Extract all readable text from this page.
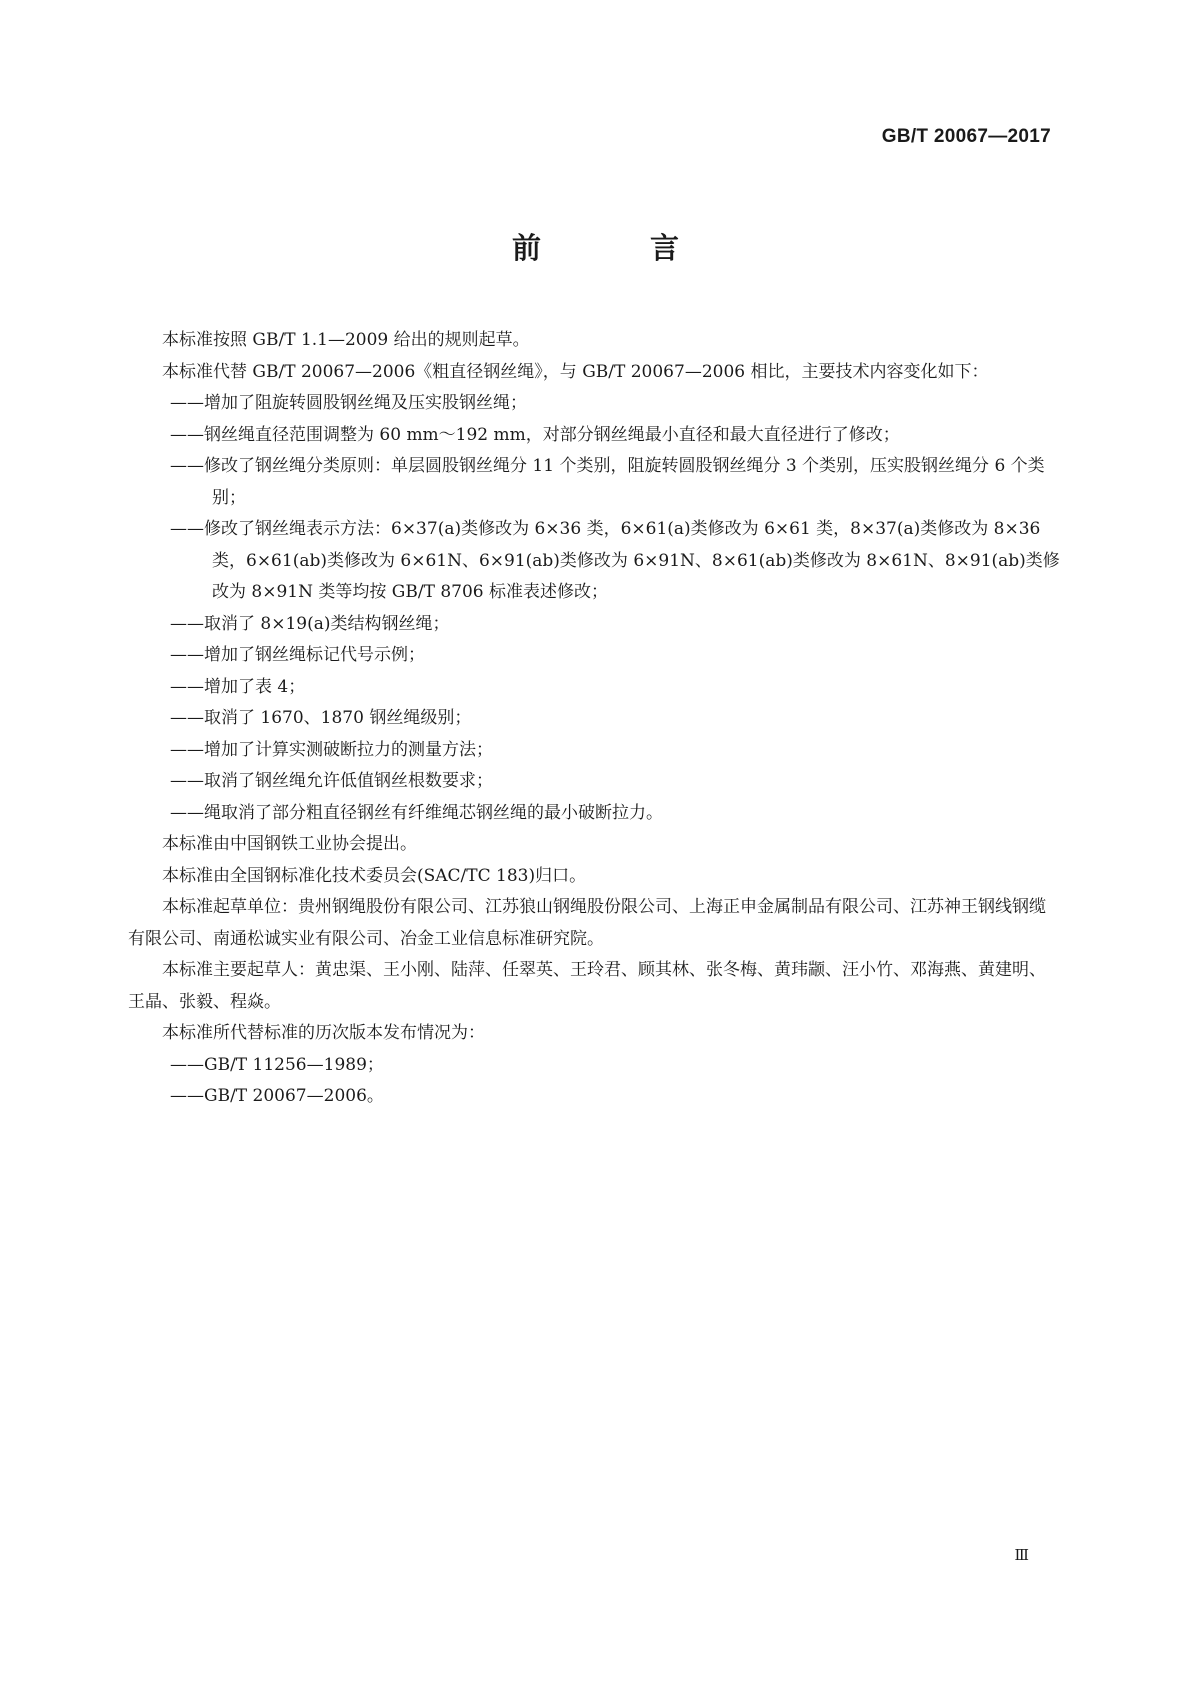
GB/T 20067—2017
前　言

本标准按照 GB/T 1.1—2009 给出的规则起草。

本标准代替 GB/T 20067—2006《粗直径钢丝绳》，与 GB/T 20067—2006 相比，主要技术内容变化如下：

——增加了阻旋转圆股钢丝绳及压实股钢丝绳；

——钢丝绳直径范围调整为 60 mm～192 mm，对部分钢丝绳最小直径和最大直径进行了修改；

——修改了钢丝绳分类原则：单层圆股钢丝绳分 11 个类别，阻旋转圆股钢丝绳分 3 个类别，压实股钢丝绳分 6 个类别；

——修改了钢丝绳表示方法：6×37(a)类修改为 6×36 类，6×61(a)类修改为 6×61 类，8×37(a)类修改为 8×36 类，6×61(ab)类修改为 6×61N、6×91(ab)类修改为 6×91N、8×61(ab)类修改为 8×61N、8×91(ab)类修改为 8×91N 类等均按 GB/T 8706 标准表述修改；

——取消了 8×19(a)类结构钢丝绳；

——增加了钢丝绳标记代号示例；

——增加了表 4；

——取消了 1670、1870 钢丝绳级别；

——增加了计算实测破断拉力的测量方法；

——取消了钢丝绳允许低值钢丝根数要求；

——绳取消了部分粗直径钢丝有纤维绳芯钢丝绳的最小破断拉力。

本标准由中国钢铁工业协会提出。

本标准由全国钢标准化技术委员会(SAC/TC 183)归口。

本标准起草单位：贵州钢绳股份有限公司、江苏狼山钢绳股份限公司、上海正申金属制品有限公司、江苏神王钢线钢缆有限公司、南通松诚实业有限公司、冶金工业信息标准研究院。

本标准主要起草人：黄忠渠、王小刚、陆萍、任翠英、王玲君、顾其林、张冬梅、黄玮颛、汪小竹、邓海燕、黄建明、王晶、张毅、程焱。

本标准所代替标准的历次版本发布情况为：

——GB/T 11256—1989；

——GB/T 20067—2006。

Ⅲ
